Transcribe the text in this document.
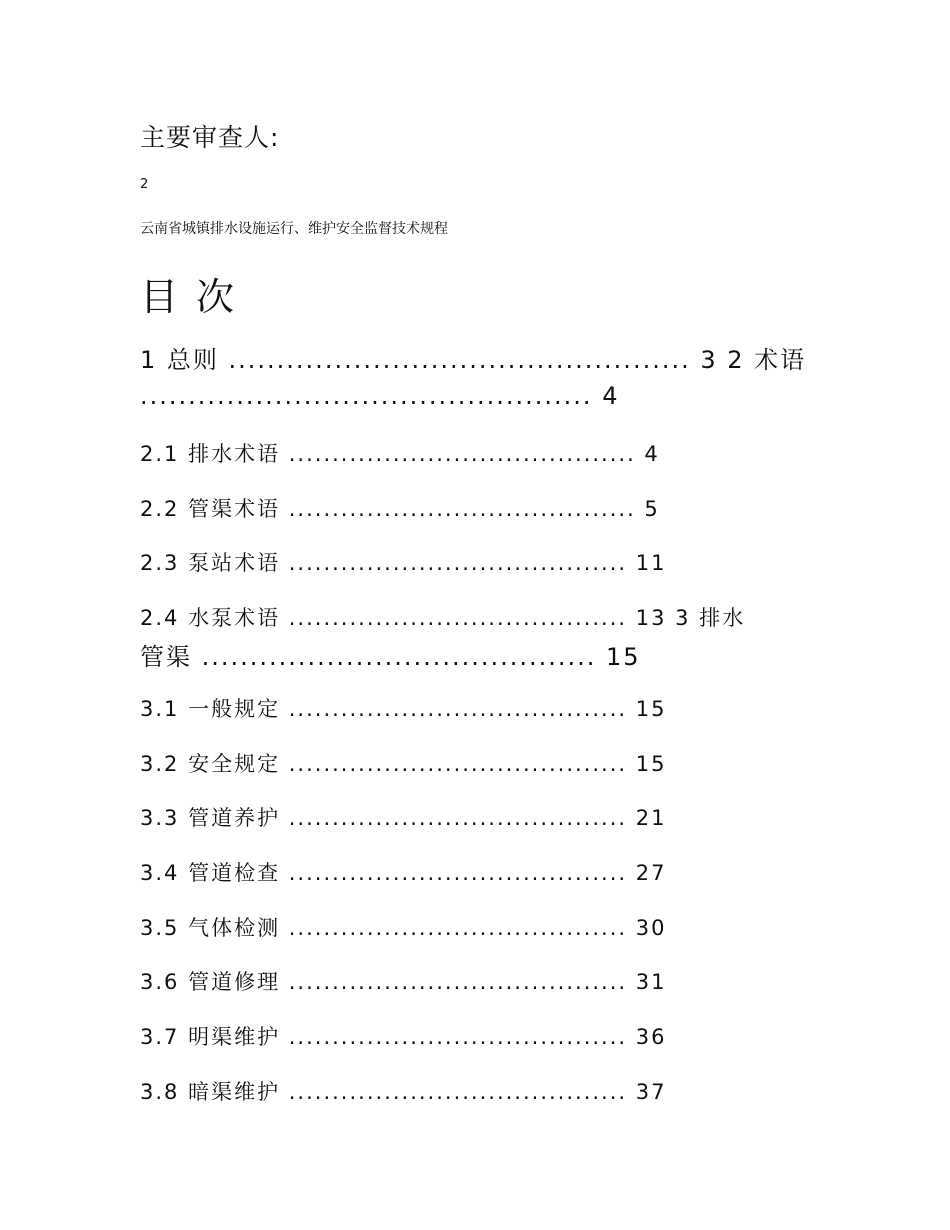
主要审查人:
2
云南省城镇排水设施运行、维护安全监督技术规程
目 次
1 总则 ................................................ 3 2 术语
............................................... 4
2.1 排水术语 ........................................ 4
2.2 管渠术语 ........................................ 5
2.3 泵站术语 ....................................... 11
2.4 水泵术语 ....................................... 13 3 排水
管渠 ......................................... 15
3.1 一般规定 ....................................... 15
3.2 安全规定 ....................................... 15
3.3 管道养护 ....................................... 21
3.4 管道检查 ....................................... 27
3.5 气体检测 ....................................... 30
3.6 管道修理 ....................................... 31
3.7 明渠维护 ....................................... 36
3.8 暗渠维护 ....................................... 37
